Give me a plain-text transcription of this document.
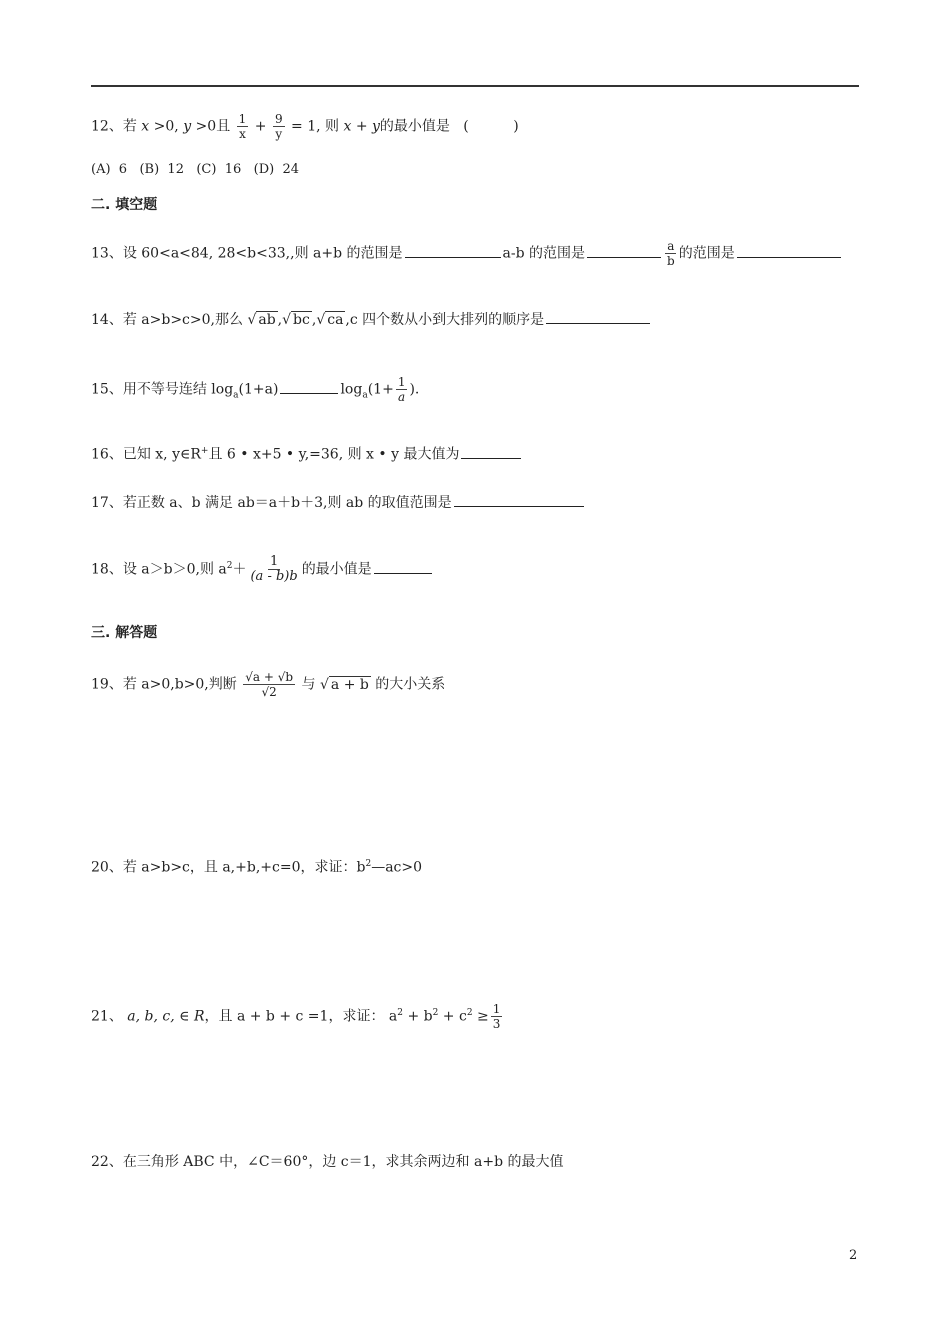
12、若 x >0, y >0且 $\frac{1}{x} + \frac{9}{y} = 1$, 则 x + y的最小值是 (          )
(A)  6   (B)  12   (C)  16   (D)  24
二. 填空题
13、设 60<a<84, 28<b<33,,则 a+b 的范围是	a-b 的范围是	$\frac{a}{b}$ 的范围是
14、若 a>b>c>0,那么 √ ab ,√ bc ,√ ca ,c 四个数从小到大排列的顺序是
15、用不等号连结 $\log_a(1+a)$	$\log_a(1+ \frac{1}{a}$ ).
16、已知 x, y∈R+且 6 • x+5 • y,=36, 则 x • y 最大值为
17、若正数 a、b 满足 ab＝a＋b＋3,则 ab 的取值范围是
18、设 a＞b＞0,则 $a^2+ \frac{1}{(a - b)b}$ 的最小值是
三. 解答题
19、若 a>0,b>0,判断 $\frac{√a + √b}{√2}$ 与 √ a + b 的大小关系
20、若 a>b>c，且 a,+b,+c=0，求证：$b^2—ac>0$
21、 a, b, c, ∈ R，且 a + b + c =1，求证： $a^2 + b^2 + c^2 \ge \frac{1}{3}$
22、在三角形 ABC 中，∠C＝60°，边 c＝1，求其余两边和 a+b 的最大值
2
